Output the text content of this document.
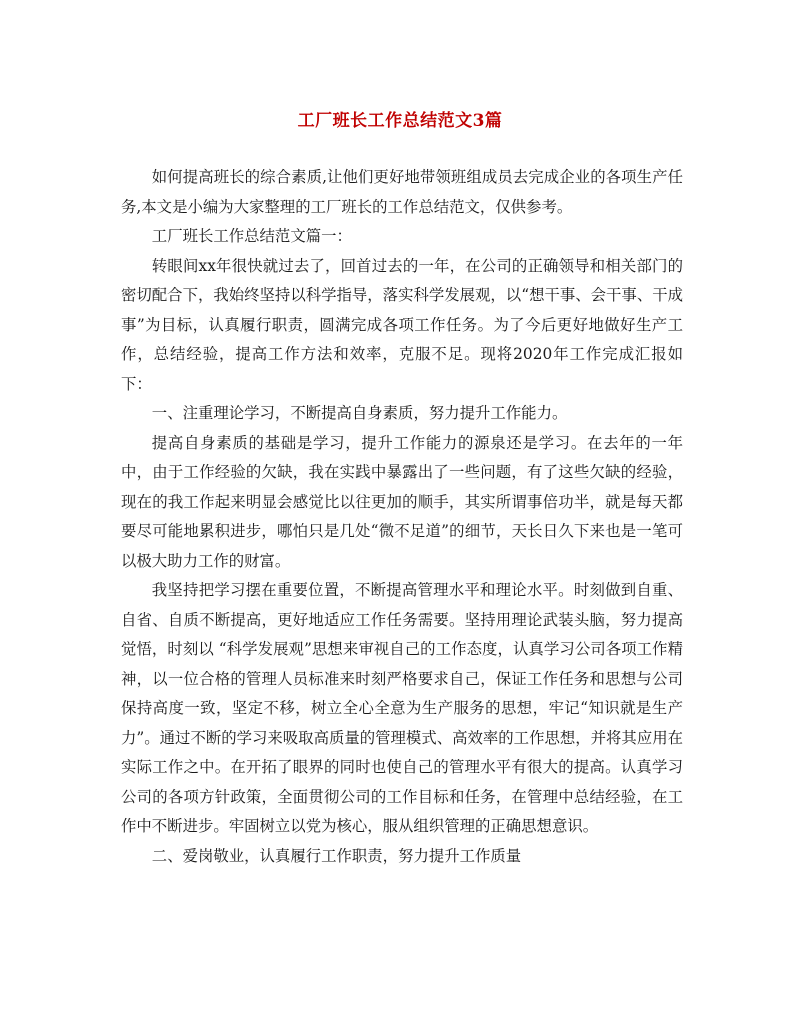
工厂班长工作总结范文3篇

如何提高班长的综合素质,让他们更好地带领班组成员去完成企业的各项生产任务,本文是小编为大家整理的工厂班长的工作总结范文，仅供参考。

工厂班长工作总结范文篇一：

转眼间xx年很快就过去了，回首过去的一年，在公司的正确领导和相关部门的密切配合下，我始终坚持以科学指导，落实科学发展观，以“想干事、会干事、干成事”为目标，认真履行职责，圆满完成各项工作任务。为了今后更好地做好生产工作，总结经验，提高工作方法和效率，克服不足。现将2020年工作完成汇报如下：

一、注重理论学习，不断提高自身素质，努力提升工作能力。

提高自身素质的基础是学习，提升工作能力的源泉还是学习。在去年的一年中，由于工作经验的欠缺，我在实践中暴露出了一些问题，有了这些欠缺的经验，现在的我工作起来明显会感觉比以往更加的顺手，其实所谓事倍功半，就是每天都要尽可能地累积进步，哪怕只是几处“微不足道”的细节，天长日久下来也是一笔可以极大助力工作的财富。

我坚持把学习摆在重要位置，不断提高管理水平和理论水平。时刻做到自重、自省、自质不断提高，更好地适应工作任务需要。坚持用理论武装头脑，努力提高觉悟，时刻以 “科学发展观”思想来审视自己的工作态度，认真学习公司各项工作精神，以一位合格的管理人员标准来时刻严格要求自己，保证工作任务和思想与公司保持高度一致，坚定不移，树立全心全意为生产服务的思想，牢记“知识就是生产力”。通过不断的学习来吸取高质量的管理模式、高效率的工作思想，并将其应用在实际工作之中。在开拓了眼界的同时也使自己的管理水平有很大的提高。认真学习公司的各项方针政策，全面贯彻公司的工作目标和任务，在管理中总结经验，在工作中不断进步。牢固树立以党为核心，服从组织管理的正确思想意识。

二、爱岗敬业，认真履行工作职责，努力提升工作质量
